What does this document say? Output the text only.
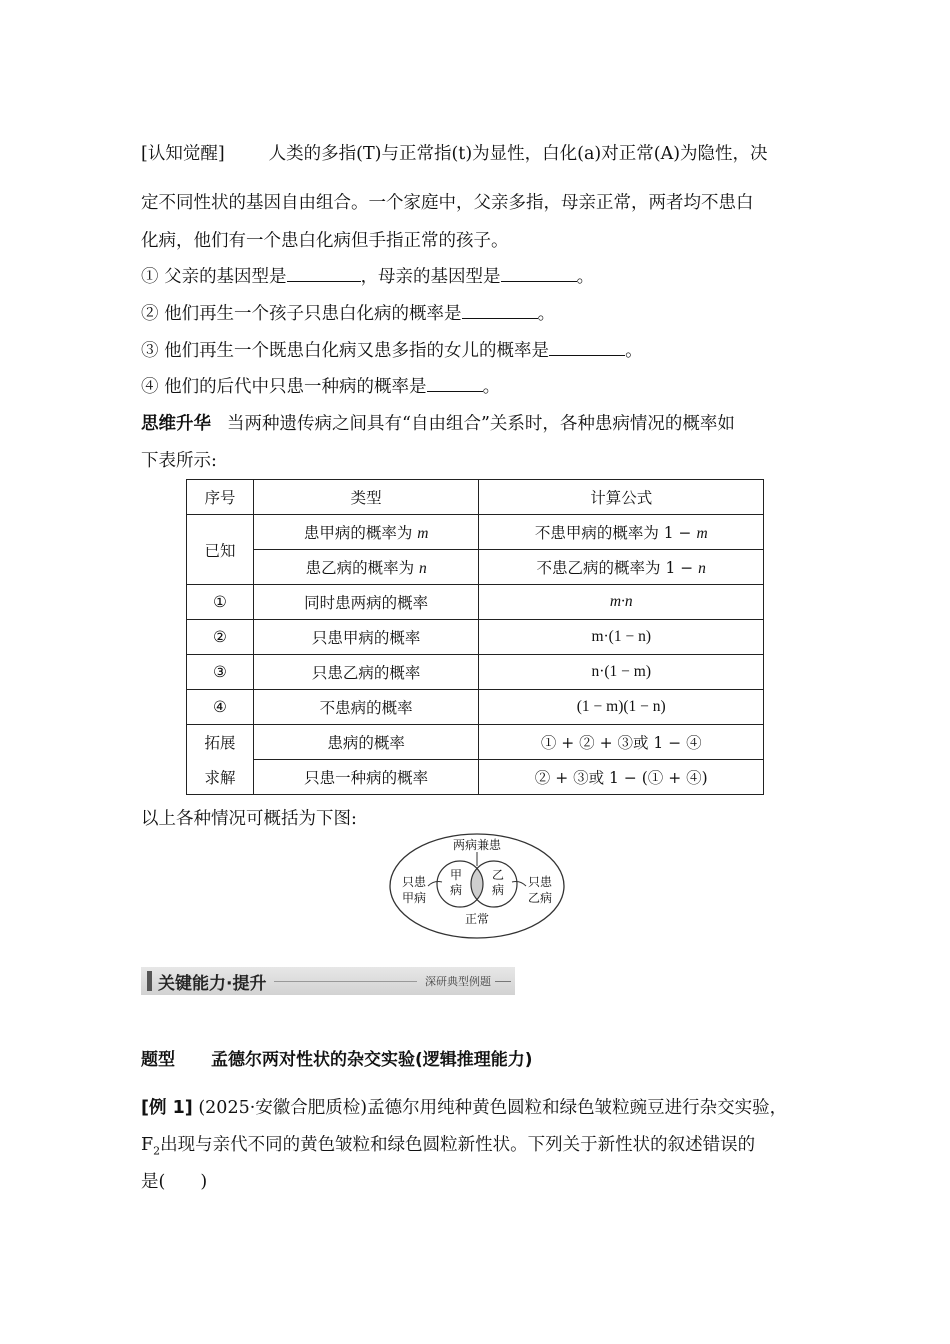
[认知觉醒]	人类的多指(T)与正常指(t)为显性，白化(a)对正常(A)为隐性，决
定不同性状的基因自由组合。一个家庭中，父亲多指，母亲正常，两者均不患白
化病，他们有一个患白化病但手指正常的孩子。
① 父亲的基因型是	，母亲的基因型是	。
② 他们再生一个孩子只患白化病的概率是	。
③ 他们再生一个既患白化病又患多指的女儿的概率是	。
④ 他们的后代中只患一种病的概率是	。
思维升华 当两种遗传病之间具有“自由组合”关系时，各种患病情况的概率如
下表所示:
序号	类型	计算公式
已知	患甲病的概率为 m	不患甲病的概率为 1 − m
	患乙病的概率为 n	不患乙病的概率为 1 − n
①	同时患两病的概率	m·n
②	只患甲病的概率	m·(1 − n)
③	只患乙病的概率	n·(1 − m)
④	不患病的概率	(1 − m)(1 − n)
拓展	患病的概率	① + ② + ③或 1 − ④
求解	只患一种病的概率	② + ③或 1 − (① + ④)
以上各种情况可概括为下图:
两病兼患
甲
病
乙
病
只患
甲病
只患
乙病
正常
关键能力·提升	深研典型例题
题型 孟德尔两对性状的杂交实验(逻辑推理能力)
[例 1] (2025·安徽合肥质检)孟德尔用纯种黄色圆粒和绿色皱粒豌豆进行杂交实验，
$F_2$出现与亲代不同的黄色皱粒和绿色圆粒新性状。下列关于新性状的叙述错误的
是(　　)
